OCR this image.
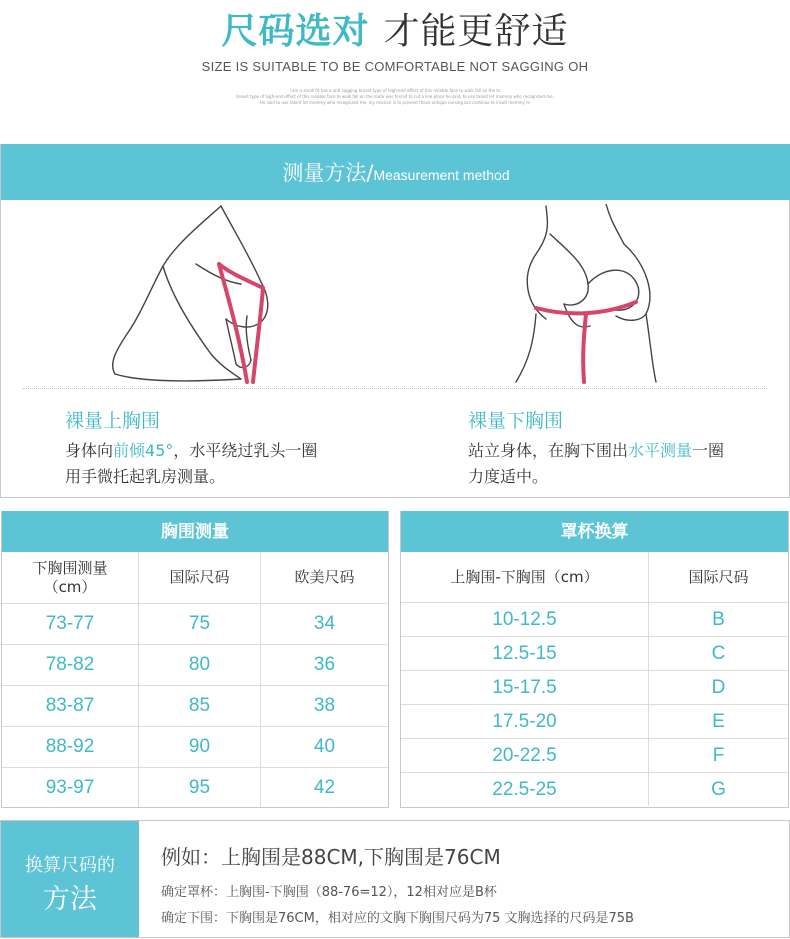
尺码选对 才能更舒适
SIZE IS SUITABLE TO BE COMFORTABLE NOT SAGGING OH
I am a small fit has a anti sagging breast type of high-end effect of this reliable face to walk fall on the to
breast type of high-end effect of this reliable face to walk fall on the route was forced to cut a line place he said, to use talent let mommy who recognized me,
He said to use talent let mommy who recognized me, my mission is to prevent those antique nursing bra continue to insult mommy m
测量方法/Measurement method
裸量上胸围
身体向前倾45°，水平绕过乳头一圈
用手微托起乳房测量。
裸量下胸围
站立身体，在胸下围出水平测量一圈
力度适中。
胸围测量
下胸围测量
（cm）
国际尺码	欧美尺码
73-77	75	34
78-82	80	36
83-87	85	38
88-92	90	40
93-97	95	42
罩杯换算
上胸围-下胸围（cm）	国际尺码
10-12.5	B
12.5-15	C
15-17.5	D
17.5-20	E
20-22.5	F
22.5-25	G
换算尺码的
方法
例如：上胸围是88CM,下胸围是76CM
确定罩杯：上胸围-下胸围（88-76=12），12相对应是B杯
确定下围：下胸围是76CM，相对应的文胸下胸围尺码为75 文胸选择的尺码是75B
